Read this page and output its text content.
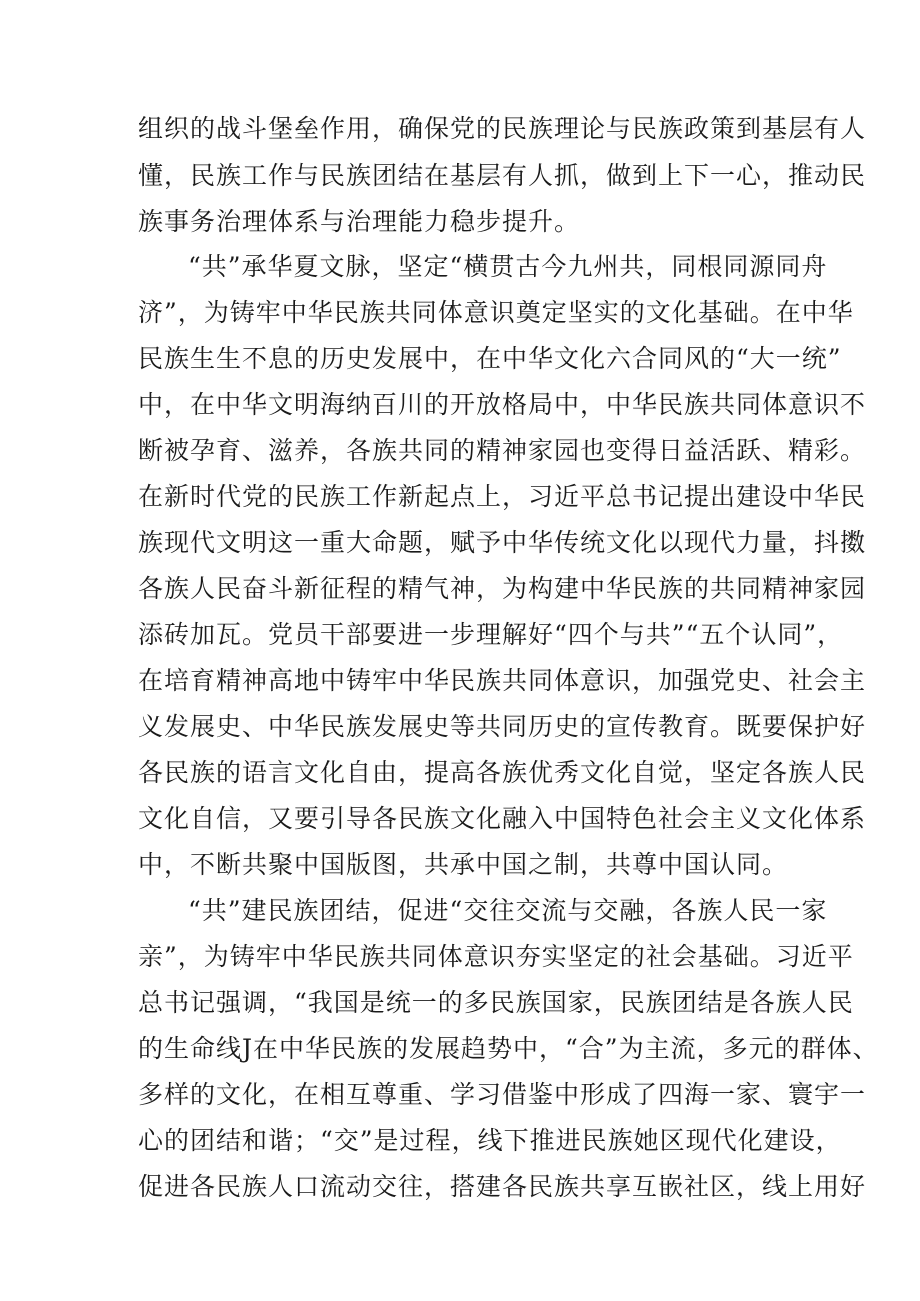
组织的战斗堡垒作用，确保党的民族理论与民族政策到基层有人
懂，民族工作与民族团结在基层有人抓，做到上下一心，推动民
族事务治理体系与治理能力稳步提升。
“共”承华夏文脉，坚定“横贯古今九州共，同根同源同舟
济”，为铸牢中华民族共同体意识奠定坚实的文化基础。在中华
民族生生不息的历史发展中，在中华文化六合同风的“大一统”
中，在中华文明海纳百川的开放格局中，中华民族共同体意识不
断被孕育、滋养，各族共同的精神家园也变得日益活跃、精彩。
在新时代党的民族工作新起点上，习近平总书记提出建设中华民
族现代文明这一重大命题，赋予中华传统文化以现代力量，抖擞
各族人民奋斗新征程的精气神，为构建中华民族的共同精神家园
添砖加瓦。党员干部要进一步理解好“四个与共”“五个认同”，
在培育精神高地中铸牢中华民族共同体意识，加强党史、社会主
义发展史、中华民族发展史等共同历史的宣传教育。既要保护好
各民族的语言文化自由，提高各族优秀文化自觉，坚定各族人民
文化自信，又要引导各民族文化融入中国特色社会主义文化体系
中，不断共聚中国版图，共承中国之制，共尊中国认同。
“共”建民族团结，促进“交往交流与交融，各族人民一家
亲”，为铸牢中华民族共同体意识夯实坚定的社会基础。习近平
总书记强调，“我国是统一的多民族国家，民族团结是各族人民
的生命线J在中华民族的发展趋势中，“合”为主流，多元的群体、
多样的文化，在相互尊重、学习借鉴中形成了四海一家、寰宇一
心的团结和谐；“交”是过程，线下推进民族她区现代化建设，
促进各民族人口流动交往，搭建各民族共享互嵌社区，线上用好
